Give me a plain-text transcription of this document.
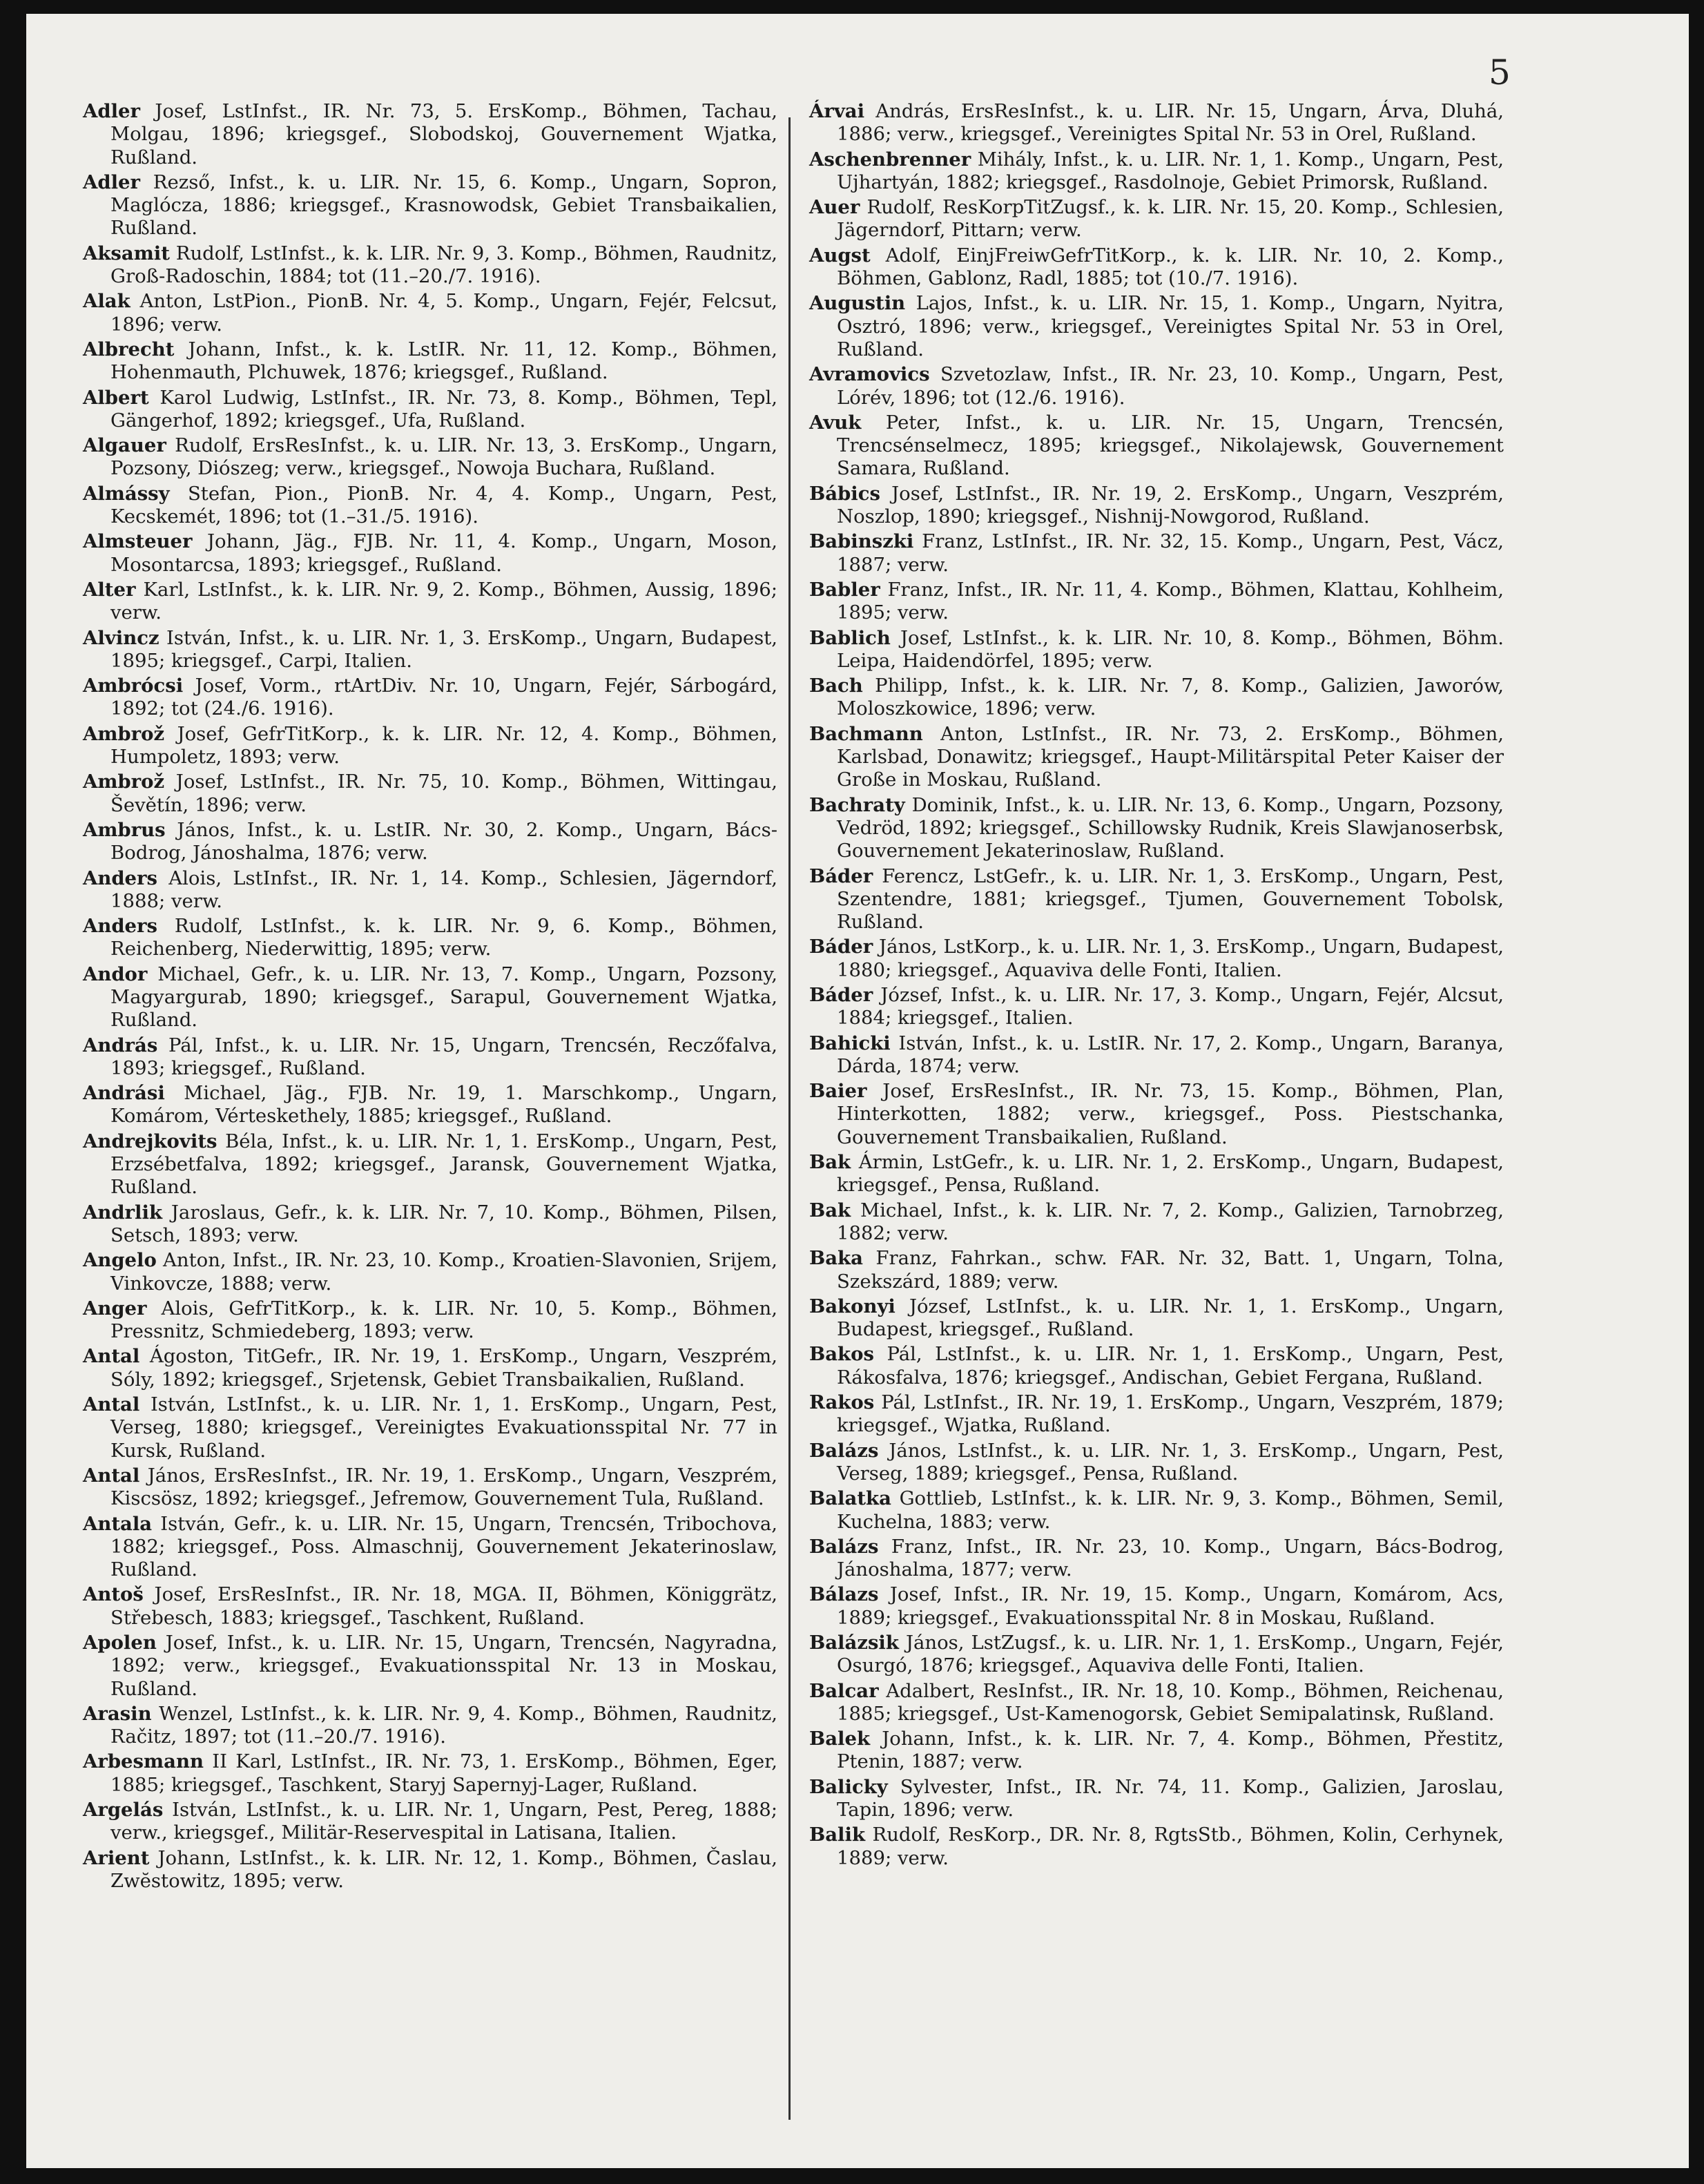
5

Adler Josef, LstInfst., IR. Nr. 73, 5. ErsKomp., Böhmen, Tachau, Molgau, 1896; kriegsgef., Slobodskoj, Gouvernement Wjatka, Rußland.

Adler Rezső, Infst., k. u. LIR. Nr. 15, 6. Komp., Ungarn, Sopron, Maglócza, 1886; kriegsgef., Krasnowodsk, Gebiet Transbaikalien, Rußland.

Aksamit Rudolf, LstInfst., k. k. LIR. Nr. 9, 3. Komp., Böhmen, Raudnitz, Groß-Radoschin, 1884; tot (11.–20./7. 1916).

Alak Anton, LstPion., PionB. Nr. 4, 5. Komp., Ungarn, Fejér, Felcsut, 1896; verw.

Albrecht Johann, Infst., k. k. LstIR. Nr. 11, 12. Komp., Böhmen, Hohenmauth, Plchuwek, 1876; kriegsgef., Rußland.

Albert Karol Ludwig, LstInfst., IR. Nr. 73, 8. Komp., Böhmen, Tepl, Gängerhof, 1892; kriegsgef., Ufa, Rußland.

Algauer Rudolf, ErsResInfst., k. u. LIR. Nr. 13, 3. ErsKomp., Ungarn, Pozsony, Diószeg; verw., kriegsgef., Nowoja Buchara, Rußland.

Almássy Stefan, Pion., PionB. Nr. 4, 4. Komp., Ungarn, Pest, Kecskemét, 1896; tot (1.–31./5. 1916).

Almsteuer Johann, Jäg., FJB. Nr. 11, 4. Komp., Ungarn, Moson, Mosontarcsa, 1893; kriegsgef., Rußland.

Alter Karl, LstInfst., k. k. LIR. Nr. 9, 2. Komp., Böhmen, Aussig, 1896; verw.

Alvincz István, Infst., k. u. LIR. Nr. 1, 3. ErsKomp., Ungarn, Budapest, 1895; kriegsgef., Carpi, Italien.

Ambrócsi Josef, Vorm., rtArtDiv. Nr. 10, Ungarn, Fejér, Sárbogárd, 1892; tot (24./6. 1916).

Ambrož Josef, GefrTitKorp., k. k. LIR. Nr. 12, 4. Komp., Böhmen, Humpoletz, 1893; verw.

Ambrož Josef, LstInfst., IR. Nr. 75, 10. Komp., Böhmen, Wittingau, Ševětín, 1896; verw.

Ambrus János, Infst., k. u. LstIR. Nr. 30, 2. Komp., Ungarn, Bács-Bodrog, Jánoshalma, 1876; verw.

Anders Alois, LstInfst., IR. Nr. 1, 14. Komp., Schlesien, Jägerndorf, 1888; verw.

Anders Rudolf, LstInfst., k. k. LIR. Nr. 9, 6. Komp., Böhmen, Reichenberg, Niederwittig, 1895; verw.

Andor Michael, Gefr., k. u. LIR. Nr. 13, 7. Komp., Ungarn, Pozsony, Magyargurab, 1890; kriegsgef., Sarapul, Gouvernement Wjatka, Rußland.

András Pál, Infst., k. u. LIR. Nr. 15, Ungarn, Trencsén, Reczőfalva, 1893; kriegsgef., Rußland.

Andrási Michael, Jäg., FJB. Nr. 19, 1. Marschkomp., Ungarn, Komárom, Vérteskethely, 1885; kriegsgef., Rußland.

Andrejkovits Béla, Infst., k. u. LIR. Nr. 1, 1. ErsKomp., Ungarn, Pest, Erzsébetfalva, 1892; kriegsgef., Jaransk, Gouvernement Wjatka, Rußland.

Andrlik Jaroslaus, Gefr., k. k. LIR. Nr. 7, 10. Komp., Böhmen, Pilsen, Setsch, 1893; verw.

Angelo Anton, Infst., IR. Nr. 23, 10. Komp., Kroatien-Slavonien, Srijem, Vinkovcze, 1888; verw.

Anger Alois, GefrTitKorp., k. k. LIR. Nr. 10, 5. Komp., Böhmen, Pressnitz, Schmiedeberg, 1893; verw.

Antal Ágoston, TitGefr., IR. Nr. 19, 1. ErsKomp., Ungarn, Veszprém, Sóly, 1892; kriegsgef., Srjetensk, Gebiet Transbaikalien, Rußland.

Antal István, LstInfst., k. u. LIR. Nr. 1, 1. ErsKomp., Ungarn, Pest, Verseg, 1880; kriegsgef., Vereinigtes Evakuationsspital Nr. 77 in Kursk, Rußland.

Antal János, ErsResInfst., IR. Nr. 19, 1. ErsKomp., Ungarn, Veszprém, Kiscsösz, 1892; kriegsgef., Jefremow, Gouvernement Tula, Rußland.

Antala István, Gefr., k. u. LIR. Nr. 15, Ungarn, Trencsén, Tribochova, 1882; kriegsgef., Poss. Almaschnij, Gouvernement Jekaterinoslaw, Rußland.

Antoš Josef, ErsResInfst., IR. Nr. 18, MGA. II, Böhmen, Königgrätz, Střebesch, 1883; kriegsgef., Taschkent, Rußland.

Apolen Josef, Infst., k. u. LIR. Nr. 15, Ungarn, Trencsén, Nagyradna, 1892; verw., kriegsgef., Evakuationsspital Nr. 13 in Moskau, Rußland.

Arasin Wenzel, LstInfst., k. k. LIR. Nr. 9, 4. Komp., Böhmen, Raudnitz, Račitz, 1897; tot (11.–20./7. 1916).

Arbesmann II Karl, LstInfst., IR. Nr. 73, 1. ErsKomp., Böhmen, Eger, 1885; kriegsgef., Taschkent, Staryj Sapernyj-Lager, Rußland.

Argelás István, LstInfst., k. u. LIR. Nr. 1, Ungarn, Pest, Pereg, 1888; verw., kriegsgef., Militär-Reservespital in Latisana, Italien.

Arient Johann, LstInfst., k. k. LIR. Nr. 12, 1. Komp., Böhmen, Časlau, Zwĕstowitz, 1895; verw.

Árvai András, ErsResInfst., k. u. LIR. Nr. 15, Ungarn, Árva, Dluhá, 1886; verw., kriegsgef., Vereinigtes Spital Nr. 53 in Orel, Rußland.

Aschenbrenner Mihály, Infst., k. u. LIR. Nr. 1, 1. Komp., Ungarn, Pest, Ujhartyán, 1882; kriegsgef., Rasdolnoje, Gebiet Primorsk, Rußland.

Auer Rudolf, ResKorpTitZugsf., k. k. LIR. Nr. 15, 20. Komp., Schlesien, Jägerndorf, Pittarn; verw.

Augst Adolf, EinjFreiwGefrTitKorp., k. k. LIR. Nr. 10, 2. Komp., Böhmen, Gablonz, Radl, 1885; tot (10./7. 1916).

Augustin Lajos, Infst., k. u. LIR. Nr. 15, 1. Komp., Ungarn, Nyitra, Osztró, 1896; verw., kriegsgef., Vereinigtes Spital Nr. 53 in Orel, Rußland.

Avramovics Szvetozlaw, Infst., IR. Nr. 23, 10. Komp., Ungarn, Pest, Lórév, 1896; tot (12./6. 1916).

Avuk Peter, Infst., k. u. LIR. Nr. 15, Ungarn, Trencsén, Trencsénselmecz, 1895; kriegsgef., Nikolajewsk, Gouvernement Samara, Rußland.

Bábics Josef, LstInfst., IR. Nr. 19, 2. ErsKomp., Ungarn, Veszprém, Noszlop, 1890; kriegsgef., Nishnij-Nowgorod, Rußland.

Babinszki Franz, LstInfst., IR. Nr. 32, 15. Komp., Ungarn, Pest, Vácz, 1887; verw.

Babler Franz, Infst., IR. Nr. 11, 4. Komp., Böhmen, Klattau, Kohlheim, 1895; verw.

Bablich Josef, LstInfst., k. k. LIR. Nr. 10, 8. Komp., Böhmen, Böhm. Leipa, Haidendörfel, 1895; verw.

Bach Philipp, Infst., k. k. LIR. Nr. 7, 8. Komp., Galizien, Jaworów, Moloszkowice, 1896; verw.

Bachmann Anton, LstInfst., IR. Nr. 73, 2. ErsKomp., Böhmen, Karlsbad, Donawitz; kriegsgef., Haupt-Militärspital Peter Kaiser der Große in Moskau, Rußland.

Bachraty Dominik, Infst., k. u. LIR. Nr. 13, 6. Komp., Ungarn, Pozsony, Vedröd, 1892; kriegsgef., Schillowsky Rudnik, Kreis Slawjanoserbsk, Gouvernement Jekaterinoslaw, Rußland.

Báder Ferencz, LstGefr., k. u. LIR. Nr. 1, 3. ErsKomp., Ungarn, Pest, Szentendre, 1881; kriegsgef., Tjumen, Gouvernement Tobolsk, Rußland.

Báder János, LstKorp., k. u. LIR. Nr. 1, 3. ErsKomp., Ungarn, Budapest, 1880; kriegsgef., Aquaviva delle Fonti, Italien.

Báder József, Infst., k. u. LIR. Nr. 17, 3. Komp., Ungarn, Fejér, Alcsut, 1884; kriegsgef., Italien.

Bahicki István, Infst., k. u. LstIR. Nr. 17, 2. Komp., Ungarn, Baranya, Dárda, 1874; verw.

Baier Josef, ErsResInfst., IR. Nr. 73, 15. Komp., Böhmen, Plan, Hinterkotten, 1882; verw., kriegsgef., Poss. Piestschanka, Gouvernement Transbaikalien, Rußland.

Bak Ármin, LstGefr., k. u. LIR. Nr. 1, 2. ErsKomp., Ungarn, Budapest, kriegsgef., Pensa, Rußland.

Bak Michael, Infst., k. k. LIR. Nr. 7, 2. Komp., Galizien, Tarnobrzeg, 1882; verw.

Baka Franz, Fahrkan., schw. FAR. Nr. 32, Batt. 1, Ungarn, Tolna, Szekszárd, 1889; verw.

Bakonyi József, LstInfst., k. u. LIR. Nr. 1, 1. ErsKomp., Ungarn, Budapest, kriegsgef., Rußland.

Bakos Pál, LstInfst., k. u. LIR. Nr. 1, 1. ErsKomp., Ungarn, Pest, Rákosfalva, 1876; kriegsgef., Andischan, Gebiet Fergana, Rußland.

Rakos Pál, LstInfst., IR. Nr. 19, 1. ErsKomp., Ungarn, Veszprém, 1879; kriegsgef., Wjatka, Rußland.

Balázs János, LstInfst., k. u. LIR. Nr. 1, 3. ErsKomp., Ungarn, Pest, Verseg, 1889; kriegsgef., Pensa, Rußland.

Balatka Gottlieb, LstInfst., k. k. LIR. Nr. 9, 3. Komp., Böhmen, Semil, Kuchelna, 1883; verw.

Balázs Franz, Infst., IR. Nr. 23, 10. Komp., Ungarn, Bács-Bodrog, Jánoshalma, 1877; verw.

Bálazs Josef, Infst., IR. Nr. 19, 15. Komp., Ungarn, Komárom, Acs, 1889; kriegsgef., Evakuationsspital Nr. 8 in Moskau, Rußland.

Balázsik János, LstZugsf., k. u. LIR. Nr. 1, 1. ErsKomp., Ungarn, Fejér, Osurgó, 1876; kriegsgef., Aquaviva delle Fonti, Italien.

Balcar Adalbert, ResInfst., IR. Nr. 18, 10. Komp., Böhmen, Reichenau, 1885; kriegsgef., Ust-Kamenogorsk, Gebiet Semipalatinsk, Rußland.

Balek Johann, Infst., k. k. LIR. Nr. 7, 4. Komp., Böhmen, Přestitz, Ptenin, 1887; verw.

Balicky Sylvester, Infst., IR. Nr. 74, 11. Komp., Galizien, Jaroslau, Tapin, 1896; verw.

Balik Rudolf, ResKorp., DR. Nr. 8, RgtsStb., Böhmen, Kolin, Cerhynek, 1889; verw.
